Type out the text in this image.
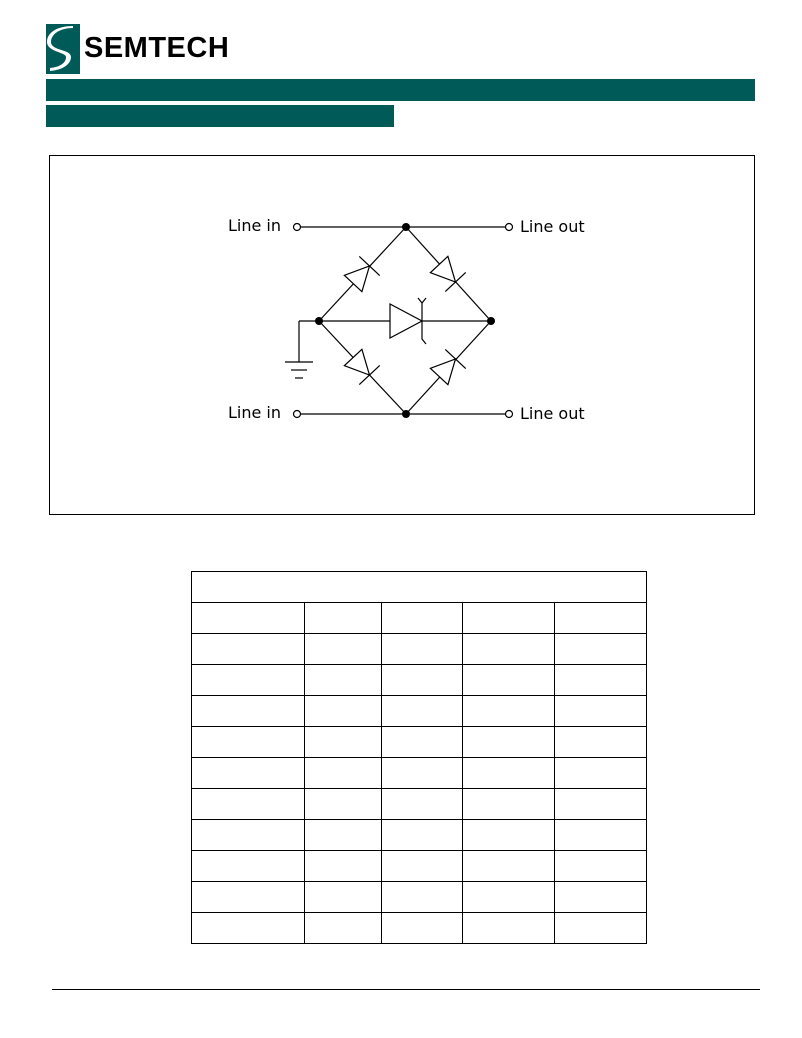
SEMTECH
Line in	Line out
Line in	Line out
